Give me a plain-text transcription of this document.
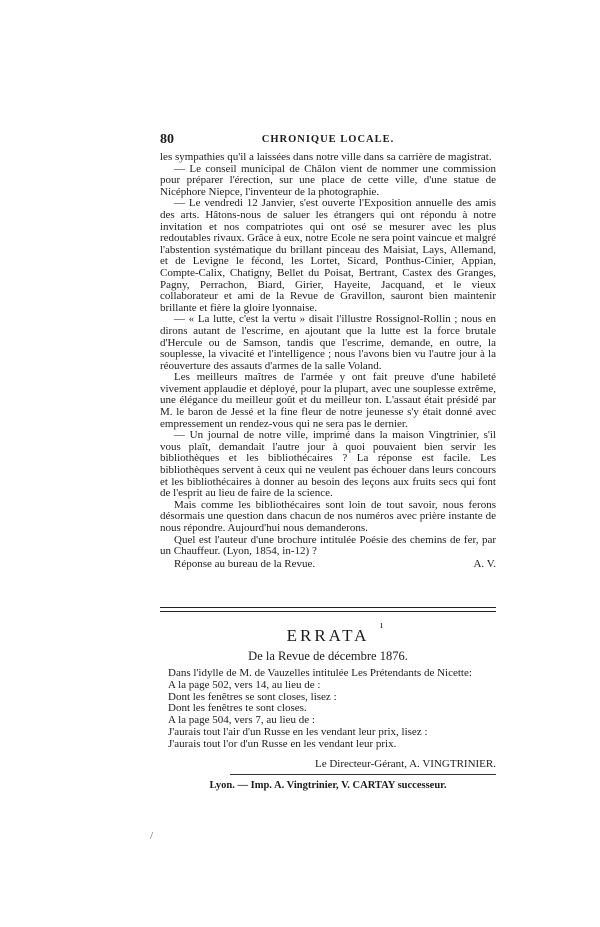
80	CHRONIQUE LOCALE.

les sympathies qu'il a laissées dans notre ville dans sa carrière de magistrat.

— Le conseil municipal de Châlon vient de nommer une commission pour préparer l'érection, sur une place de cette ville, d'une statue de Nicéphore Niepce, l'inventeur de la photographie.

— Le vendredi 12 Janvier, s'est ouverte l'Exposition annuelle des amis des arts. Hâtons-nous de saluer les étrangers qui ont répondu à notre invitation et nos compatriotes qui ont osé se mesurer avec les plus redoutables rivaux. Grâce à eux, notre Ecole ne sera point vaincue et malgré l'abstention systématique du brillant pinceau des Maisiat, Lays, Allemand, et de Levigne le fécond, les Lortet, Sicard, Ponthus-Cinier, Appian, Compte-Calix, Chatigny, Bellet du Poisat, Bertrant, Castex des Granges, Pagny, Perrachon, Biard, Girier, Hayeite, Jacquand, et le vieux collaborateur et ami de la Revue de Gravillon, sauront bien maintenir brillante et fière la gloire lyonnaise.

— « La lutte, c'est la vertu » disait l'illustre Rossignol-Rollin ; nous en dirons autant de l'escrime, en ajoutant que la lutte est la force brutale d'Hercule ou de Samson, tandis que l'escrime, demande, en outre, la souplesse, la vivacité et l'intelligence ; nous l'avons bien vu l'autre jour à la réouverture des assauts d'armes de la salle Voland.

Les meilleurs maîtres de l'armée y ont fait preuve d'une habileté vivement applaudie et déployé, pour la plupart, avec une souplesse extrême, une élégance du meilleur goût et du meilleur ton. L'assaut était présidé par M. le baron de Jessé et la fine fleur de notre jeunesse s'y était donné avec empressement un rendez-vous qui ne sera pas le dernier.

— Un journal de notre ville, imprimé dans la maison Vingtrinier, s'il vous plaît, demandait l'autre jour à quoi pouvaient bien servir les bibliothèques et les bibliothécaires ? La réponse est facile. Les bibliothèques servent à ceux qui ne veulent pas échouer dans leurs concours et les bibliothécaires à donner au besoin des leçons aux fruits secs qui font de l'esprit au lieu de faire de la science.

Mais comme les bibliothécaires sont loin de tout savoir, nous ferons désormais une question dans chacun de nos numéros avec prière instante de nous répondre. Aujourd'hui nous demanderons.

Quel est l'auteur d'une brochure intitulée Poésie des chemins de fer, par un Chauffeur. (Lyon, 1854, in-12) ?

Réponse au bureau de la Revue.	A. V.
ERRATA
ı
De la Revue de décembre 1876.
Dans l'idylle de M. de Vauzelles intitulée Les Prétendants de Nicette:
A la page 502, vers 14, au lieu de :
Dont les fenêtres se sont closes, lisez :
Dont les fenêtres te sont closes.
A la page 504, vers 7, au lieu de :
J'aurais tout l'air d'un Russe en les vendant leur prix, lisez :
J'aurais tout l'or d'un Russe en les vendant leur prix.
Le Directeur-Gérant, A. VINGTRINIER.
Lyon. — Imp. A. Vingtrinier, V. CARTAY successeur.
/
